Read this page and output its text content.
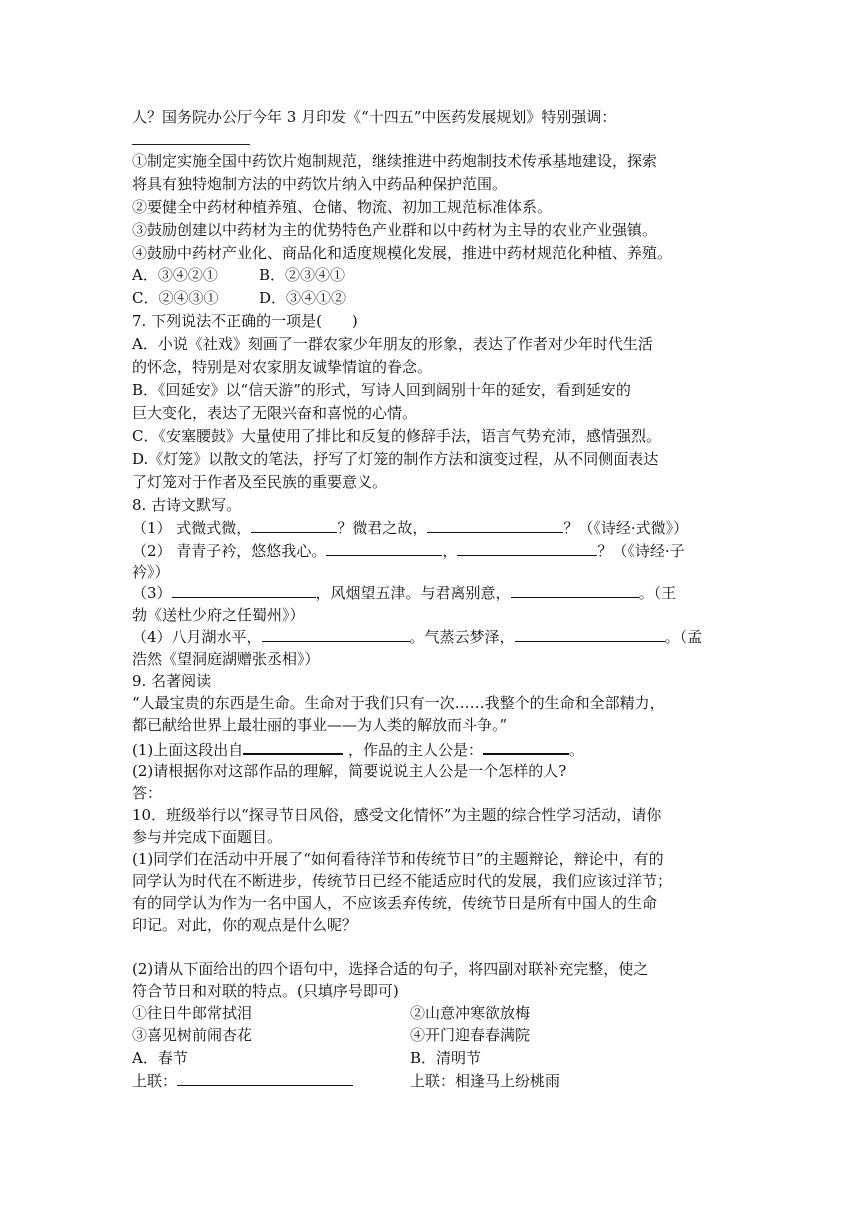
人？国务院办公厅今年 3 月印发《“十四五”中医药发展规划》特别强调：
①制定实施全国中药饮片炮制规范，继续推进中药炮制技术传承基地建设，探索
将具有独特炮制方法的中药饮片纳入中药品种保护范围。
②要健全中药材种植养殖、仓储、物流、初加工规范标准体系。
③鼓励创建以中药材为主的优势特色产业群和以中药材为主导的农业产业强镇。
④鼓励中药材产业化、商品化和适度规模化发展，推进中药材规范化种植、养殖。
A．③④②①	B．②③④①
C．②④③①	D．③④①②
7. 下列说法不正确的一项是(　　)
A．小说《社戏》刻画了一群农家少年朋友的形象，表达了作者对少年时代生活
的怀念，特别是对农家朋友诚挚情谊的眷念。
B．《回延安》以“信天游”的形式，写诗人回到阔别十年的延安，看到延安的
巨大变化，表达了无限兴奋和喜悦的心情。
C．《安塞腰鼓》大量使用了排比和反复的修辞手法，语言气势充沛，感情强烈。
D.《灯笼》以散文的笔法，抒写了灯笼的制作方法和演变过程，从不同侧面表达
了灯笼对于作者及至民族的重要意义。
8. 古诗文默写。
（1） 式微式微，	？微君之故，	？（《诗经·式微》）
（2） 青青子衿，悠悠我心。	，	？（《诗经·子
衿》）
（3）	，风烟望五津。与君离别意，	。（王
勃《送杜少府之任蜀州》）
（4）八月湖水平，	。气蒸云梦泽，	。（孟
浩然《望洞庭湖赠张丞相》）
9. 名著阅读
“人最宝贵的东西是生命。生命对于我们只有一次……我整个的生命和全部精力，
都已献给世界上最壮丽的事业——为人类的解放而斗争。”
(1)上面这段出自	，作品的主人公是：	。
(2)请根据你对这部作品的理解，简要说说主人公是一个怎样的人?
答：
10．班级举行以“探寻节日风俗，感受文化情怀”为主题的综合性学习活动，请你
参与并完成下面题目。
(1)同学们在活动中开展了“如何看待洋节和传统节日”的主题辩论，辩论中，有的
同学认为时代在不断进步，传统节日已经不能适应时代的发展，我们应该过洋节；
有的同学认为作为一名中国人，不应该丢弃传统，传统节日是所有中国人的生命
印记。对此，你的观点是什么呢？
(2)请从下面给出的四个语句中，选择合适的句子，将四副对联补充完整，使之
符合节日和对联的特点。(只填序号即可)
①往日牛郎常拭泪	②山意冲寒欲放梅
③喜见树前闹杏花	④开门迎春春满院
A．春节	B．清明节
上联：	上联：相逢马上纷桃雨
